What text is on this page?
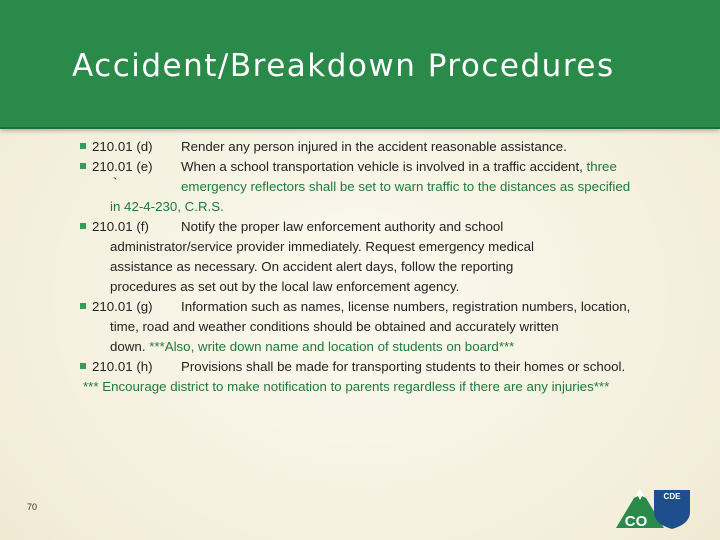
Accident/Breakdown Procedures
210.01 (d) Render any person injured in the accident reasonable assistance.
210.01 (e) When a school transportation vehicle is involved in a traffic accident, three
`	emergency reflectors shall be set to warn traffic to the distances as specified
in 42-4-230, C.R.S.
210.01 (f) Notify the proper law enforcement authority and school
administrator/service provider immediately. Request emergency medical
assistance as necessary. On accident alert days, follow the reporting
procedures as set out by the local law enforcement agency.
210.01 (g) Information such as names, license numbers, registration numbers, location,
time, road and weather conditions should be obtained and accurately written
down. ***Also, write down name and location of students on board***
210.01 (h) Provisions shall be made for transporting students to their homes or school.
*** Encourage district to make notification to parents regardless if there are any injuries***
70
CDE
CO
